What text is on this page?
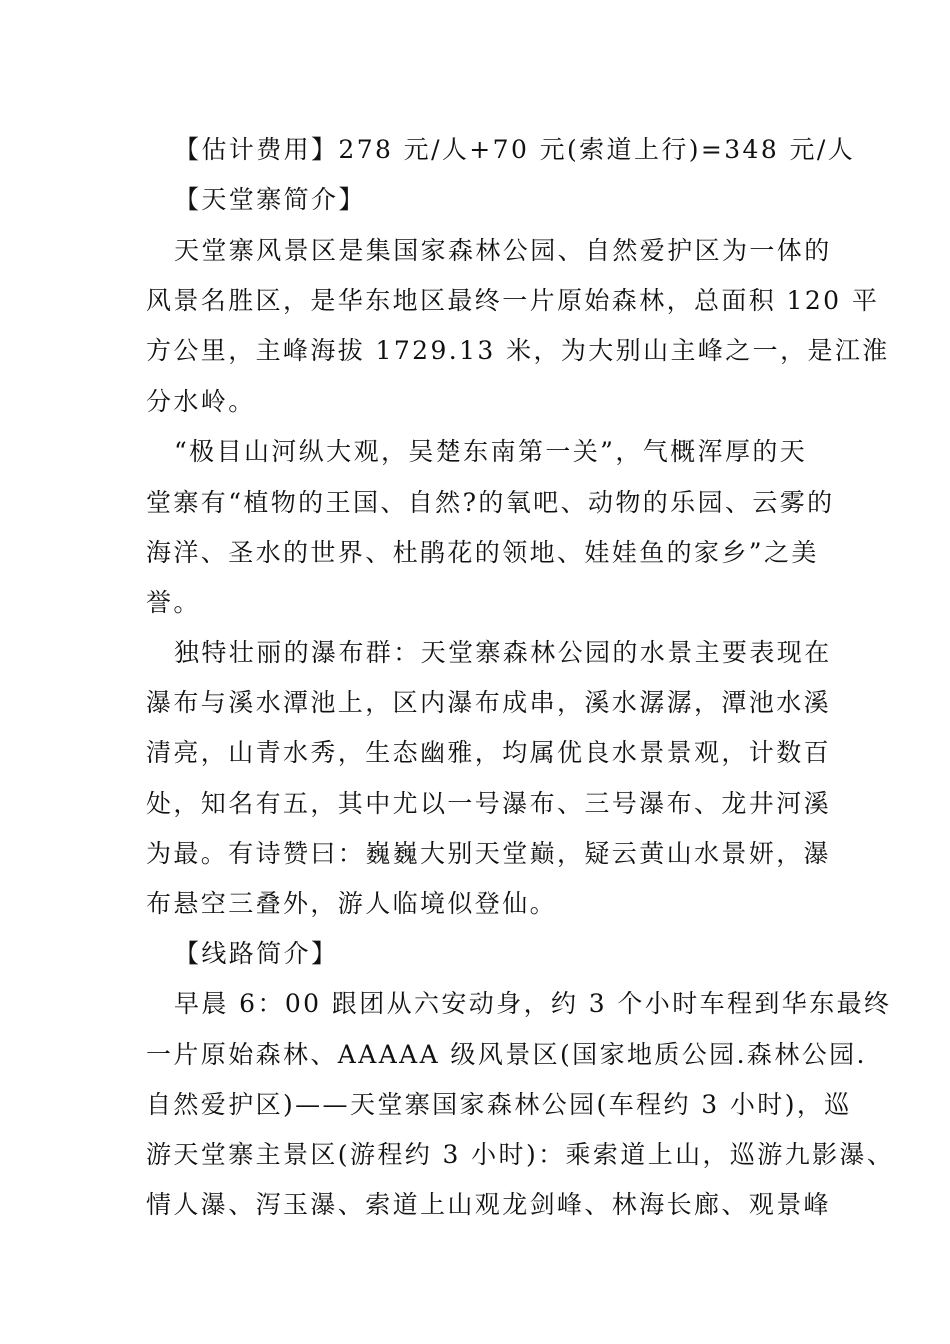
【估计费用】278 元/人+70 元(索道上行)=348 元/人
【天堂寨简介】
天堂寨风景区是集国家森林公园、自然爱护区为一体的
风景名胜区，是华东地区最终一片原始森林，总面积 120 平
方公里，主峰海拔 1729.13 米，为大别山主峰之一，是江淮
分水岭。
“极目山河纵大观，吴楚东南第一关”，气概浑厚的天
堂寨有“植物的王国、自然?的氧吧、动物的乐园、云雾的
海洋、圣水的世界、杜鹃花的领地、娃娃鱼的家乡”之美
誉。
独特壮丽的瀑布群：天堂寨森林公园的水景主要表现在
瀑布与溪水潭池上，区内瀑布成串，溪水潺潺，潭池水溪
清亮，山青水秀，生态幽雅，均属优良水景景观，计数百
处，知名有五，其中尤以一号瀑布、三号瀑布、龙井河溪
为最。有诗赞曰：巍巍大别天堂巅，疑云黄山水景妍，瀑
布悬空三叠外，游人临境似登仙。
【线路简介】
早晨 6：00 跟团从六安动身，约 3 个小时车程到华东最终
一片原始森林、AAAAA 级风景区(国家地质公园.森林公园.
自然爱护区)——天堂寨国家森林公园(车程约 3 小时)，巡
游天堂寨主景区(游程约 3 小时)：乘索道上山，巡游九影瀑、
情人瀑、泻玉瀑、索道上山观龙剑峰、林海长廊、观景峰
